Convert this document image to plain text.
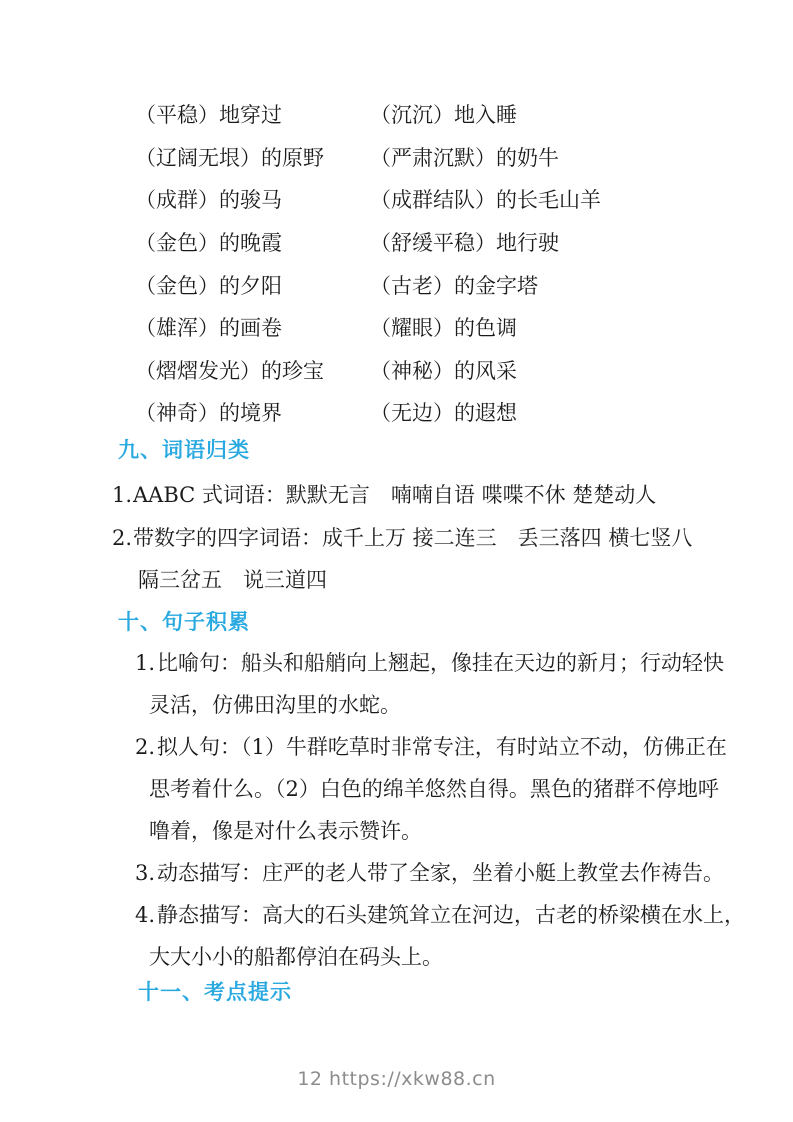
（平稳）地穿过	（沉沉）地入睡
（辽阔无垠）的原野	（严肃沉默）的奶牛
（成群）的骏马	（成群结队）的长毛山羊
（金色）的晚霞	（舒缓平稳）地行驶
（金色）的夕阳	（古老）的金字塔
（雄浑）的画卷	（耀眼）的色调
（熠熠发光）的珍宝	（神秘）的风采
（神奇）的境界	（无边）的遐想
九、词语归类
1.AABC 式词语：默默无言　喃喃自语 喋喋不休 楚楚动人
2.带数字的四字词语：成千上万 接二连三　丢三落四 横七竖八
隔三岔五　说三道四
十、句子积累
1.比喻句：船头和船艄向上翘起，像挂在天边的新月；行动轻快
灵活，仿佛田沟里的水蛇。
2.拟人句：（1）牛群吃草时非常专注，有时站立不动，仿佛正在
思考着什么。（2）白色的绵羊悠然自得。黑色的猪群不停地呼
噜着，像是对什么表示赞许。
3.动态描写：庄严的老人带了全家，坐着小艇上教堂去作祷告。
4.静态描写：高大的石头建筑耸立在河边，古老的桥梁横在水上，
大大小小的船都停泊在码头上。
十一、考点提示
12 https://xkw88.cn
